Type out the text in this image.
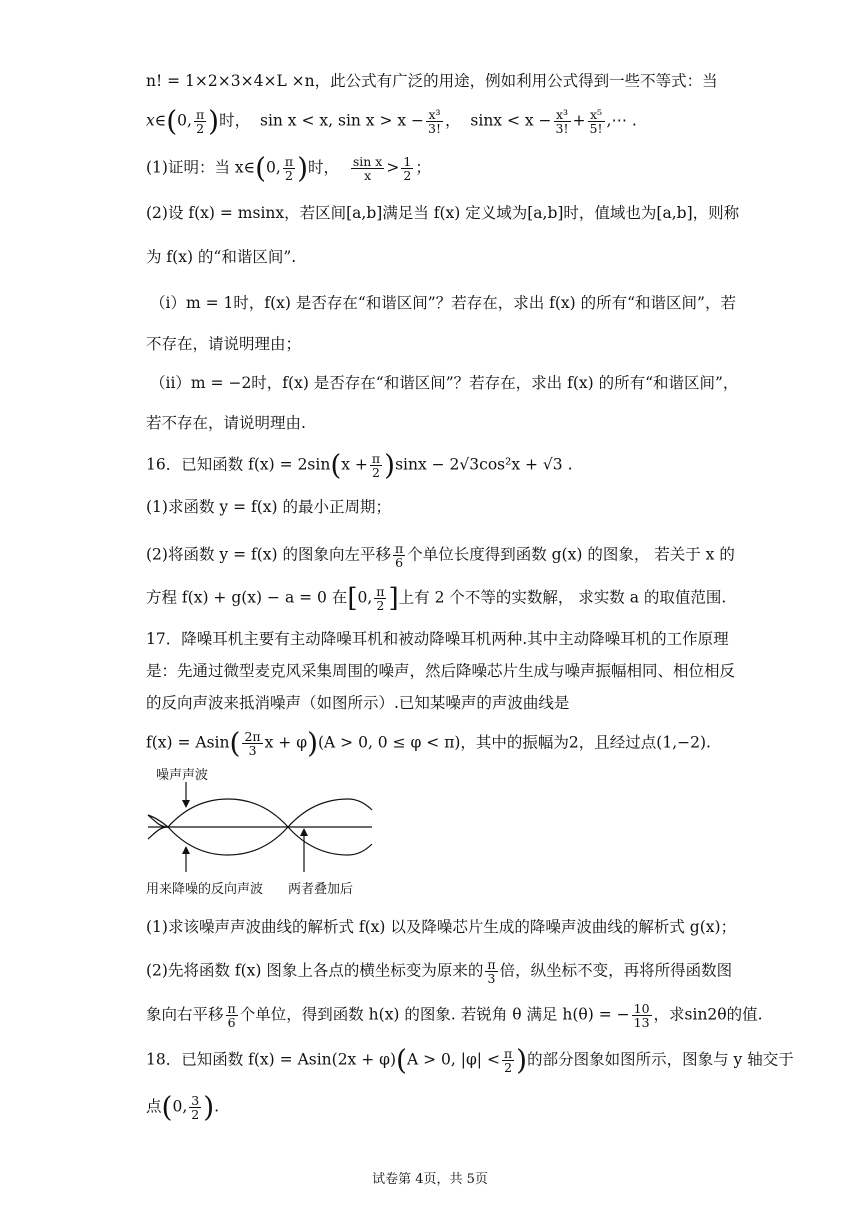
n! = 1×2×3×4×L ×n，此公式有广泛的用途，例如利用公式得到一些不等式：当
x∈(0, $\frac{\pi}{2}$ )时， sin x < x, $\sin x > x - \frac{\text{x³}}{3!}$ ， $\sin x < x - \frac{\text{x³}}{3!} + \frac{\text{x⁵}}{5!}$ ,⋯ .
(1)证明：当 x∈(0, $\frac{\pi}{2}$ )时， $\frac{\text{sin x}}{x} > \frac{1}{2}$ ；
(2)设 f(x) = msinx，若区间[a,b]满足当 f(x) 定义域为[a,b]时，值域也为[a,b]，则称
为 f(x) 的“和谐区间”.
（i）m = 1时，f(x) 是否存在“和谐区间”？若存在，求出 f(x) 的所有“和谐区间”，若
不存在，请说明理由；
（ii）m = −2时，f(x) 是否存在“和谐区间”？若存在，求出 f(x) 的所有“和谐区间”，
若不存在，请说明理由.
16．已知函数 $f(x) = 2\sin(x + \frac{\pi}{2} )\sin x - 2√3\cos^2x + √3$ .
(1)求函数 y = f(x) 的最小正周期；
(2)将函数 y = f(x) 的图象向左平移 $\frac{\pi}{6}$ 个单位长度得到函数 g(x) 的图象， 若关于 x 的
方程 f(x) + g(x) − a = 0 在[0, $\frac{\pi}{2}$ ]上有 2 个不等的实数解， 求实数 a 的取值范围.
17．降噪耳机主要有主动降噪耳机和被动降噪耳机两种.其中主动降噪耳机的工作原理
是：先通过微型麦克风采集周围的噪声，然后降噪芯片生成与噪声振幅相同、相位相反
的反向声波来抵消噪声（如图所示）.已知某噪声的声波曲线是
$f(x) = Asin( \frac{2\pi}{3}$ x + φ)(A > 0, 0 ≤ φ < π)，其中的振幅为2，且经过点(1,−2).
噪声声波
用来降噪的反向声波 两者叠加后
(1)求该噪声声波曲线的解析式 f(x) 以及降噪芯片生成的降噪声波曲线的解析式 g(x)；
(2)先将函数 f(x) 图象上各点的横坐标变为原来的 $\frac{\pi}{3}$ 倍，纵坐标不变，再将所得函数图
象向右平移 $\frac{\pi}{6}$ 个单位，得到函数 h(x) 的图象. 若锐角 θ 满足 h(θ) = − $\frac{10}{13}$ ，求sin2θ的值.
18．已知函数 f(x) = Asin(2x + φ)(A > 0, $|\varphi| < \frac{\pi}{2}$ )的部分图象如图所示，图象与 y 轴交于
点(0, $\frac{3}{2}$ ).
试卷第 4页，共 5页
